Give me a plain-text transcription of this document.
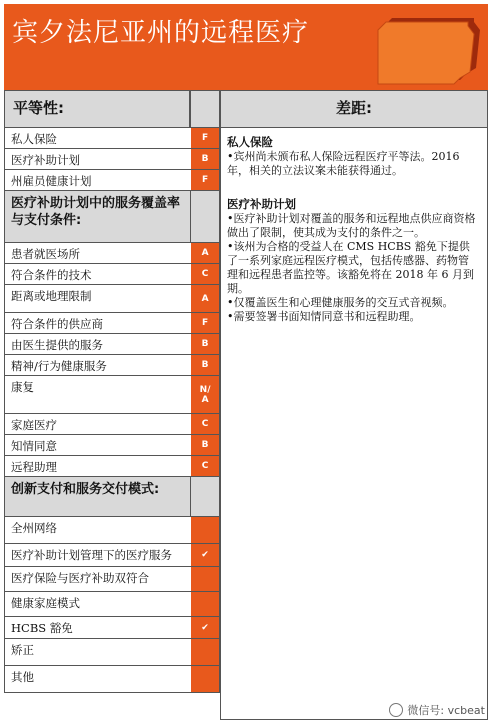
宾夕法尼亚州的远程医疗
平等性:	差距:
私人保险	F
医疗补助计划	B
州雇员健康计划	F
医疗补助计划中的服务覆盖率与支付条件:
患者就医场所	A
符合条件的技术	C
距离或地理限制	A
符合条件的供应商	F
由医生提供的服务	B
精神/行为健康服务	B
康复	N/
A
家庭医疗	C
知情同意	B
远程助理	C
创新支付和服务交付模式:
全州网络
医疗补助计划管理下的医疗服务	✔
医疗保险与医疗补助双符合
健康家庭模式
HCBS 豁免	✔
矫正
其他
私人保险
•宾州尚未颁布私人保险远程医疗平等法。2016年，相关的立法议案未能获得通过。
医疗补助计划
•医疗补助计划对覆盖的服务和远程地点供应商资格做出了限制，使其成为支付的条件之一。
•该州为合格的受益人在 CMS HCBS 豁免下提供了一系列家庭远程医疗模式，包括传感器、药物管理和远程患者监控等。该豁免将在 2018 年 6 月到期。
•仅覆盖医生和心理健康服务的交互式音视频。
•需要签署书面知情同意书和远程助理。
微信号: vcbeat
